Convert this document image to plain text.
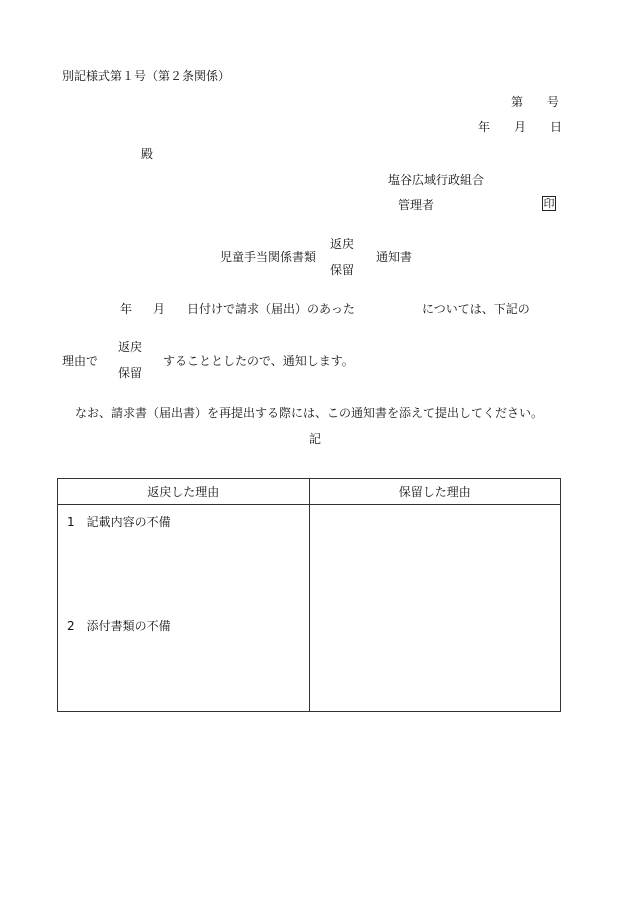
別記様式第１号（第２条関係）
第　　号
年　　月　　日
殿
塩谷広域行政組合
管理者	印
児童手当関係書類
返戻
保留
通知書
年 月 日付けで請求（届出）のあった	については、下記の
理由で
返戻
保留
することとしたので、通知します。
なお、請求書（届出書）を再提出する際には、この通知書を添えて提出してください。
記
返戻した理由	保留した理由

1　記載内容の不備
2　添付書類の不備	
